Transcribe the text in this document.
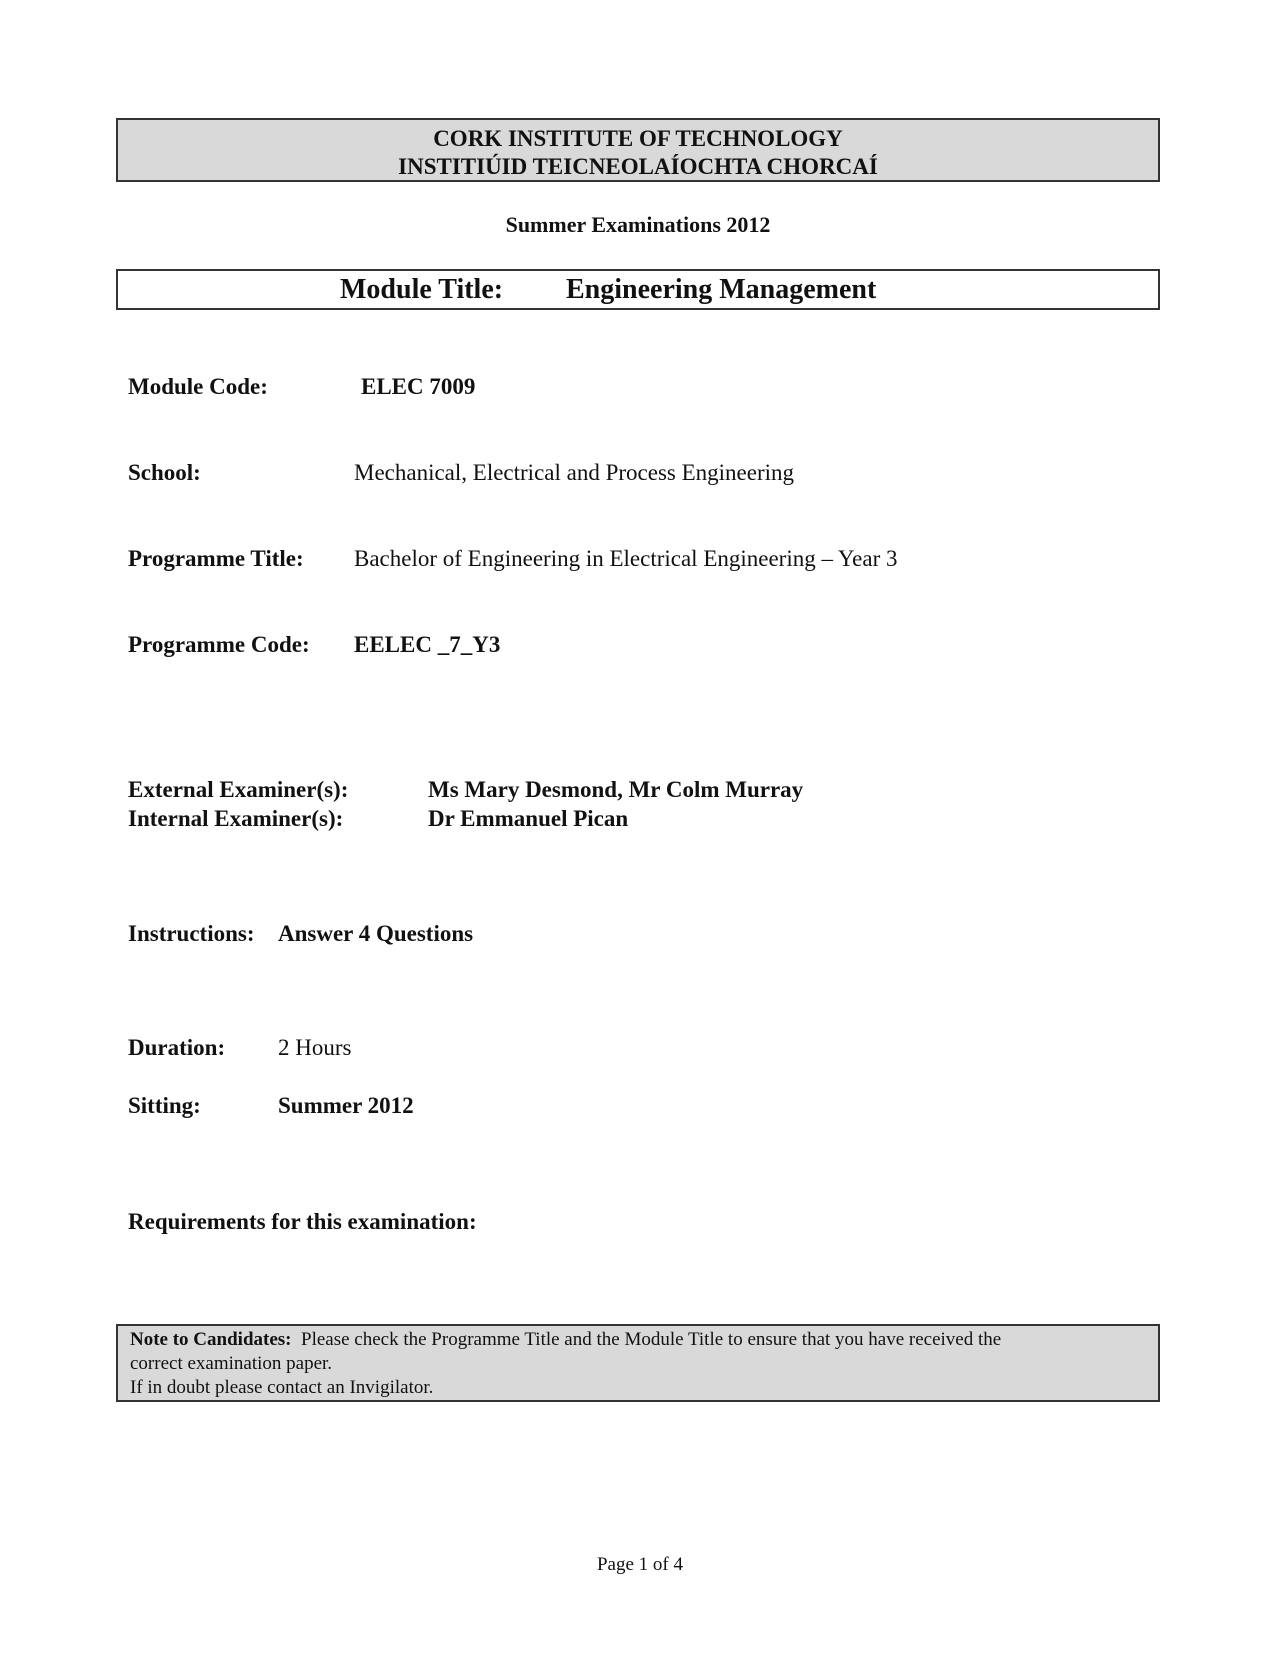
CORK INSTITUTE OF TECHNOLOGY
INSTITIÚID TEICNEOLAÍOCHTA CHORCAÍ
Summer Examinations 2012
Module Title: Engineering Management
Module Code:	ELEC 7009
School:	Mechanical, Electrical and Process Engineering
Programme Title: Bachelor of Engineering in Electrical Engineering – Year 3
Programme Code: EELEC _7_Y3
External Examiner(s):	Ms Mary Desmond, Mr Colm Murray
Internal Examiner(s):	Dr Emmanuel Pican
Instructions: Answer 4 Questions
Duration: 2 Hours
Sitting:	Summer 2012
Requirements for this examination:
Note to Candidates: Please check the Programme Title and the Module Title to ensure that you have received the
correct examination paper.
If in doubt please contact an Invigilator.
Page 1 of 4
